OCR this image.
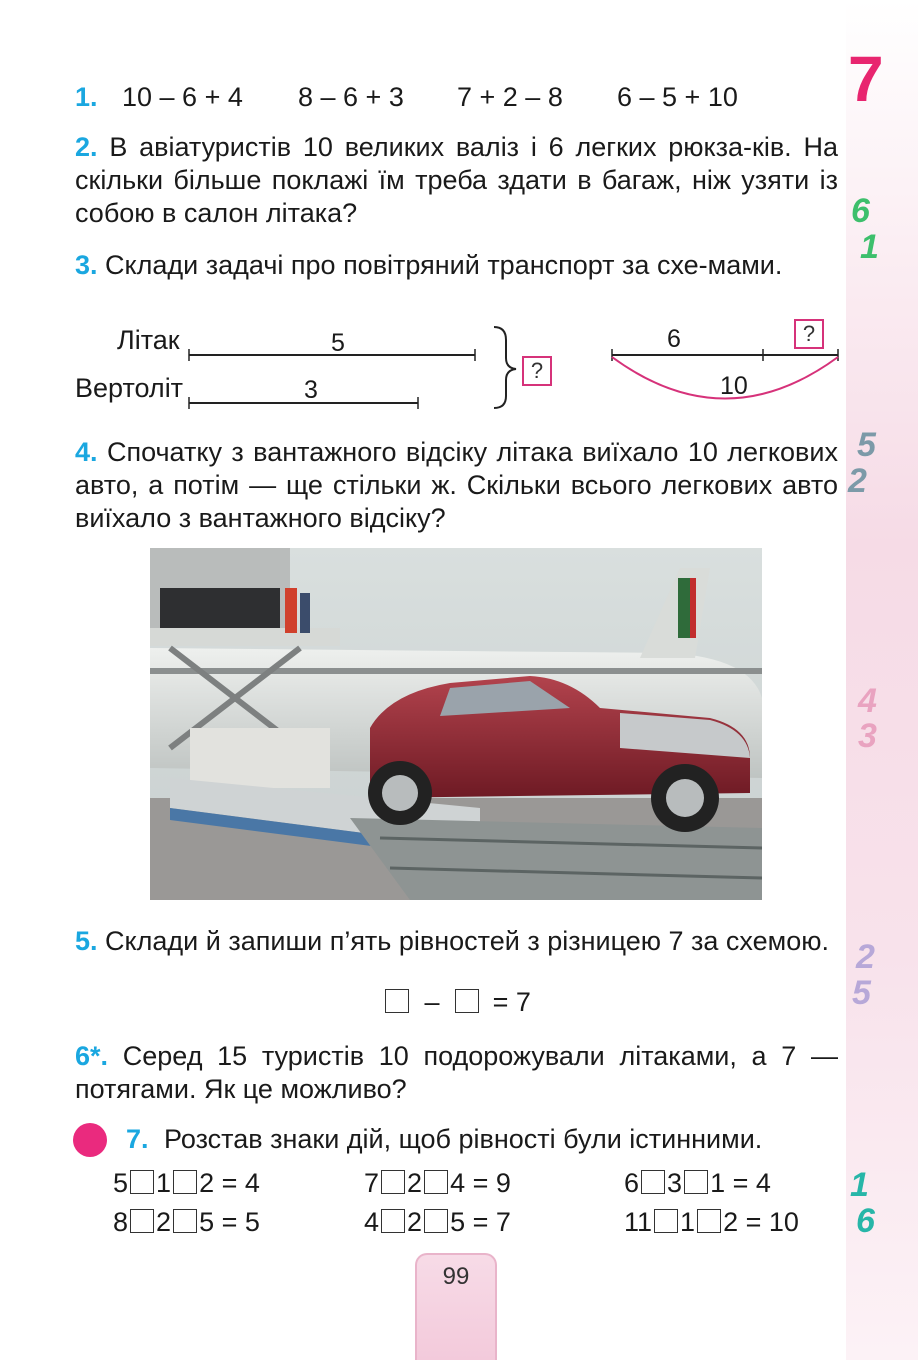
7
6
1
5
2
4
3
2
5
1
6
1. 10 – 6 + 4 8 – 6 + 3 7 + 2 – 8 6 – 5 + 10
2. В авіатуристів 10 великих валіз і 6 легких рюкза-ків. На скільки більше поклажі їм треба здати в багаж, ніж узяти із собою в салон літака?
3. Склади задачі про повітряний транспорт за схе-мами.
Літак	5
Вертоліт	3
?
6	?
10
4. Спочатку з вантажного відсіку літака виїхало 10 легкових авто, а потім — ще стільки ж. Скільки всього легкових авто виїхало з вантажного відсіку?
5. Склади й запиши п’ять рівностей з різницею 7 за схемою.
– = 7
6*. Серед 15 туристів 10 подорожували літаками, а 7 — потягами. Як це можливо?
7. Розстав знаки дій, щоб рівності були істинними.
5 1 2 = 4	7 2 4 = 9	6 3 1 = 4
8 2 5 = 5	4 2 5 = 7	11 1 2 = 10
99
